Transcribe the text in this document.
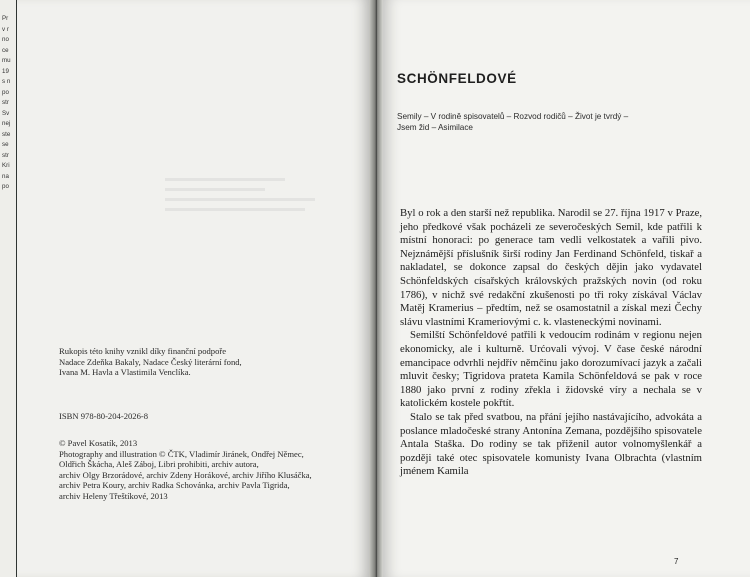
Pr
v r
no
ce
mu
19
s n
po
str
Sv
nej
ste
se
str
Kri
na
po

Rukopis této knihy vznikl díky finanční podpoře

Nadace Zdeňka Bakaly, Nadace Český literární fond,

Ivana M. Havla a Vlastimila Venclíka.

ISBN 978-80-204-2026-8

© Pavel Kosatík, 2013

Photography and illustration © ČTK, Vladimír Jiránek, Ondřej Němec,

Oldřich Škácha, Aleš Záboj, Libri prohibiti, archiv autora,

archiv Olgy Brzorádové, archiv Zdeny Horákové, archiv Jiřího Klusáčka,

archiv Petra Koury, archiv Radka Schovánka, archiv Pavla Tigrida,

archiv Heleny Třeštíkové, 2013

SCHÖNFELDOVÉ
Semily – V rodině spisovatelů – Rozvod rodičů – Život je tvrdý –
Jsem žid – Asimilace

Byl o rok a den starší než republika. Narodil se 27. října 1917 v Praze, jeho předkové však pocházeli ze severočeských Semil, kde patřili k místní honoraci: po generace tam vedli velkostatek a vařili pivo. Nejznámější příslušník širší rodiny Jan Ferdinand Schönfeld, tiskař a nakladatel, se dokonce zapsal do českých dějin jako vydavatel Schönfeldských císařských královských pražských novin (od roku 1786), v nichž své redakční zkušenosti po tři roky získával Václav Matěj Kramerius – předtím, než se osamostatnil a získal mezi Čechy slávu vlastními Krameriovými c. k. vlasteneckými novinami.

Semilští Schönfeldové patřili k vedoucím rodinám v regionu nejen ekonomicky, ale i kulturně. Urćovali vývoj. V čase české národní emancipace odvrhli nejdřív němčinu jako dorozumívací jazyk a začali mluvit česky; Tigridova prateta Kamila Schönfeldová se pak v roce 1880 jako první z rodiny zřekla i židovské víry a nechala se v katolickém kostele pokřtít.

Stalo se tak před svatbou, na přání jejího nastávajícího, advokáta a poslance mladočeské strany Antonína Zemana, pozdějšího spisovatele Antala Staška. Do rodiny se tak přiženil autor volnomyšlenkář a později také otec spisovatele komunisty Ivana Olbrachta (vlastním jménem Kamila

7
